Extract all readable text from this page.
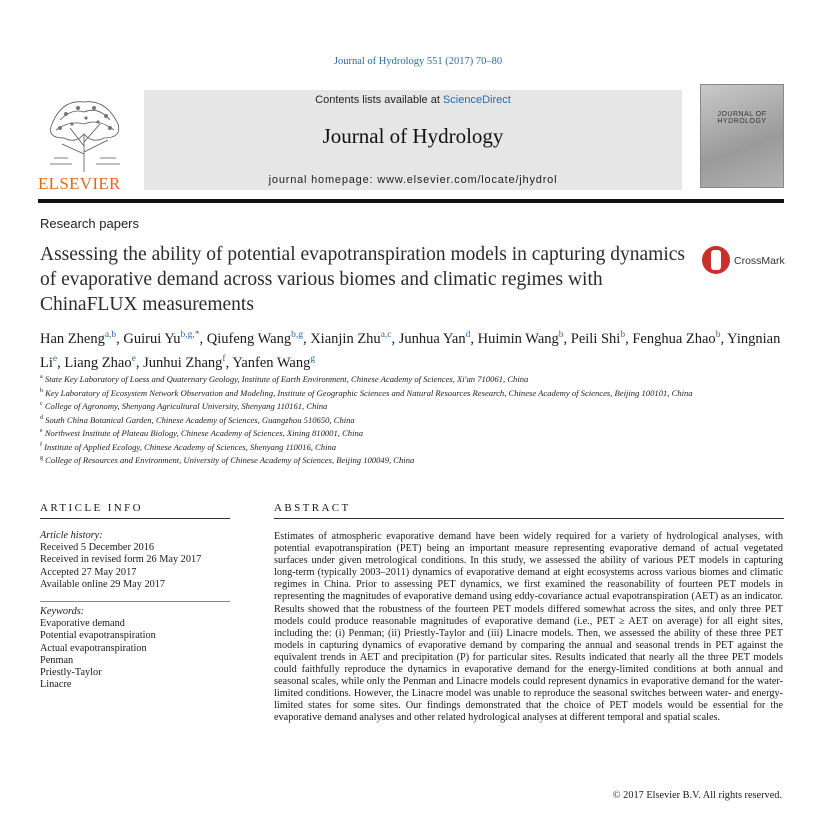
Journal of Hydrology 551 (2017) 70–80
ELSEVIER
Contents lists available at ScienceDirect
Journal of Hydrology
journal homepage: www.elsevier.com/locate/jhydrol
JOURNAL OF
HYDROLOGY
Research papers
Assessing the ability of potential evapotranspiration models in capturing dynamics of evaporative demand across various biomes and climatic regimes with ChinaFLUX measurements
CrossMark
Han Zheng$^{a,b}$, Guirui $Yu^{b,g,*}$, Qiufeng Wang$^{b,g}$, Xianjin Zhu$^{a,c}$, Junhua Yan$^d$, Huimin Wang$^b$, Peili Shi$^b$, Fenghua Zhao$^b$, Yingnian Li$^e$, Liang Zhao$^e$, Junhui Zhang$^f$, Yanfen Wang$^g$
$^a$ State Key Laboratory of Loess and Quaternary Geology, Institute of Earth Environment, Chinese Academy of Sciences, Xi'an 710061, China
$^b$ Key Laboratory of Ecosystem Network Observation and Modeling, Institute of Geographic Sciences and Natural Resources Research, Chinese Academy of Sciences, Beijing 100101, China
$^c$ College of Agronomy, Shenyang Agricultural University, Shenyang 110161, China
$^d$ South China Botanical Garden, Chinese Academy of Sciences, Guangzhou 510650, China
$^e$ Northwest Institute of Plateau Biology, Chinese Academy of Sciences, Xining 810001, China
$^f$ Institute of Applied Ecology, Chinese Academy of Sciences, Shenyang 110016, China
$^g$ College of Resources and Environment, University of Chinese Academy of Sciences, Beijing 100049, China
ARTICLE INFO	ABSTRACT
Article history:
Received 5 December 2016
Received in revised form 26 May 2017
Accepted 27 May 2017
Available online 29 May 2017
Keywords:
Evaporative demand
Potential evapotranspiration
Actual evapotranspiration
Penman
Priestly-Taylor
Linacre
Estimates of atmospheric evaporative demand have been widely required for a variety of hydrological analyses, with potential evapotranspiration (PET) being an important measure representing evaporative demand of actual vegetated surfaces under given metrological conditions. In this study, we assessed the ability of various PET models in capturing long-term (typically 2003–2011) dynamics of evaporative demand at eight ecosystems across various biomes and climatic regimes in China. Prior to assessing PET dynamics, we first examined the reasonability of fourteen PET models in representing the magnitudes of evaporative demand using eddy-covariance actual evapotranspiration (AET) as an indicator. Results showed that the robustness of the fourteen PET models differed somewhat across the sites, and only three PET models could produce reasonable magnitudes of evaporative demand (i.e., PET ≥ AET on average) for all eight sites, including the: (i) Penman; (ii) Priestly-Taylor and (iii) Linacre models. Then, we assessed the ability of these three PET models in capturing dynamics of evaporative demand by comparing the annual and seasonal trends in PET against the equivalent trends in AET and precipitation (P) for particular sites. Results indicated that nearly all the three PET models could faithfully reproduce the dynamics in evaporative demand for the energy-limited conditions at both annual and seasonal scales, while only the Penman and Linacre models could represent dynamics in evaporative demand for the water-limited conditions. However, the Linacre model was unable to reproduce the seasonal switches between water- and energy-limited states for some sites. Our findings demonstrated that the choice of PET models would be essential for the evaporative demand analyses and other related hydrological analyses at different temporal and spatial scales.
© 2017 Elsevier B.V. All rights reserved.
